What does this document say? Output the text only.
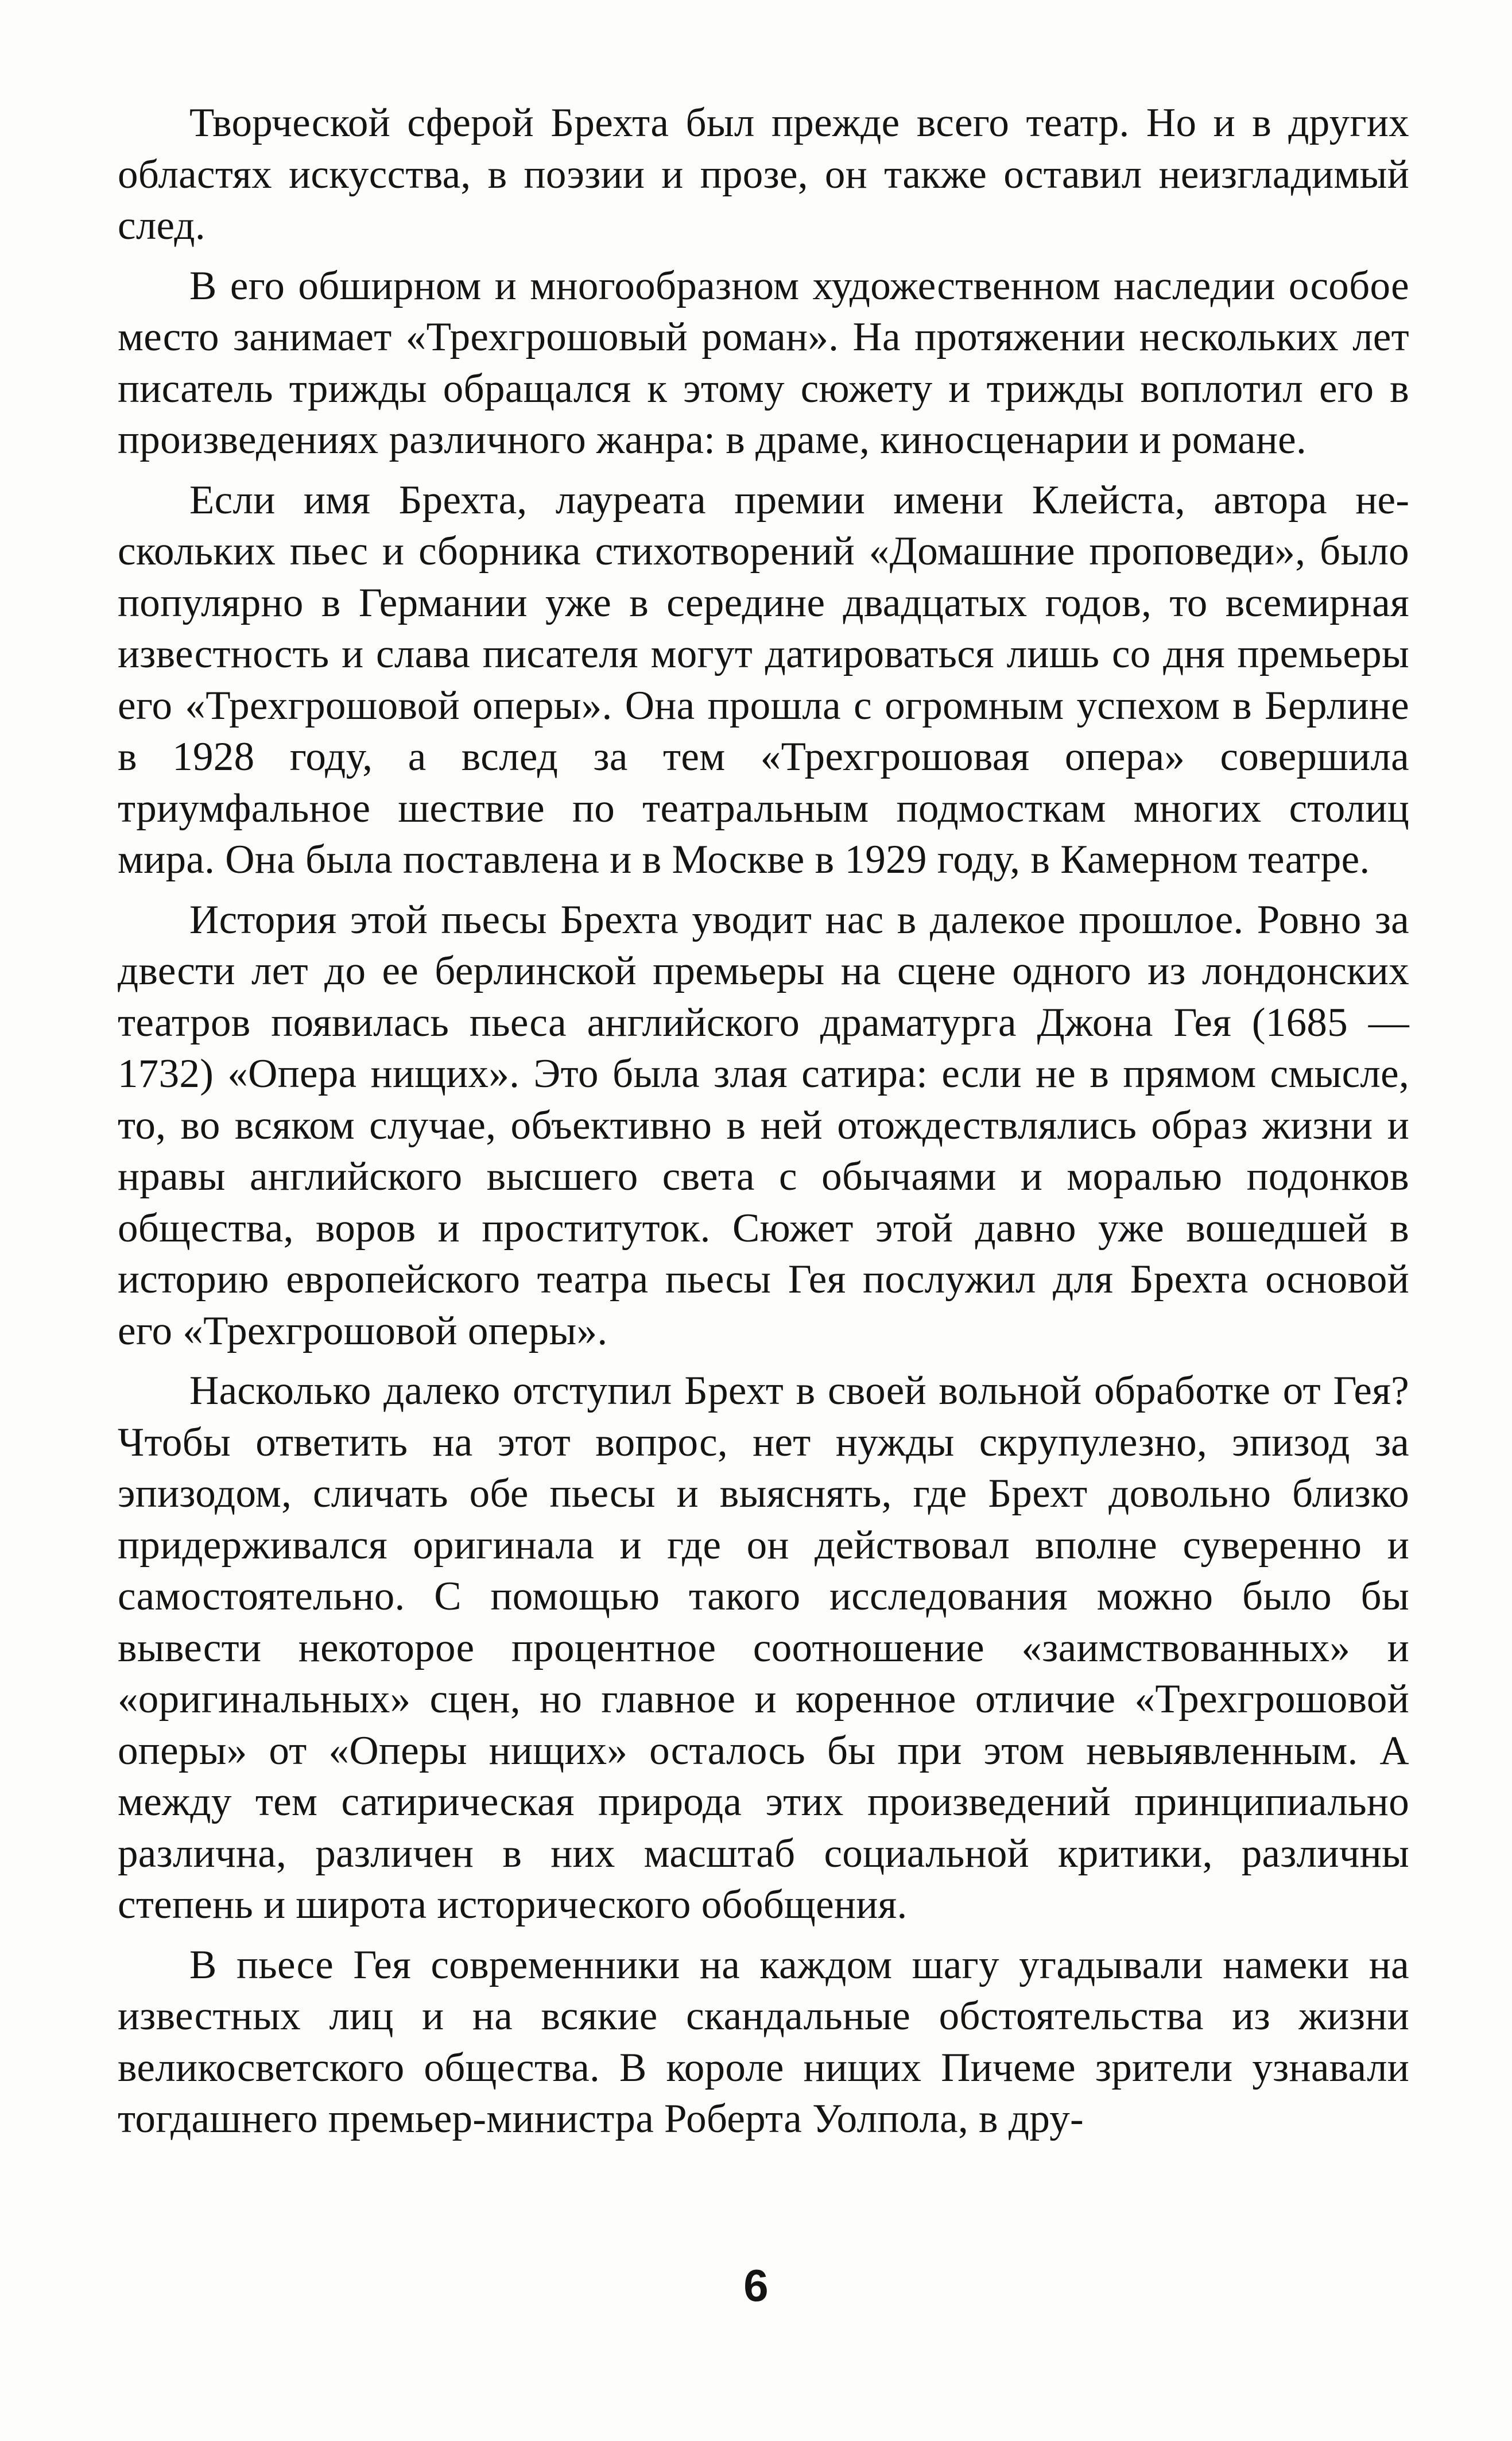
Творческой сферой Брехта был прежде всего театр. Но и в других областях искусства, в поэзии и прозе, он также оставил неизгладимый след.

В его обширном и многообразном художественном наследии особое место занимает «Трехгрошовый роман». На протяжении нескольких лет писатель трижды обращался к этому сюжету и трижды воплотил его в произведениях различного жанра: в драме, киносценарии и романе.

Если имя Брехта, лауреата премии имени Клейста, автора нескольких пьес и сборника стихотворений «Домашние проповеди», было популярно в Германии уже в середине двадцатых годов, то всемирная известность и слава писателя могут датироваться лишь со дня премьеры его «Трехгрошовой оперы». Она прошла с огромным успехом в Берлине в 1928 году, а вслед за тем «Трехгрошовая опера» совершила триумфальное шествие по театральным подмосткам многих столиц мира. Она была поставлена и в Москве в 1929 году, в Камерном театре.

История этой пьесы Брехта уводит нас в далекое прошлое. Ровно за двести лет до ее берлинской премьеры на сцене одного из лондонских театров появилась пьеса английского драматурга Джона Гея (1685 — 1732) «Опера нищих». Это была злая сатира: если не в прямом смысле, то, во всяком случае, объективно в ней отождествлялись образ жизни и нравы английского высшего света с обычаями и моралью подонков общества, воров и проституток. Сюжет этой давно уже вошедшей в историю европейского театра пьесы Гея послужил для Брехта основой его «Трехгрошовой оперы».

Насколько далеко отступил Брехт в своей вольной обработке от Гея? Чтобы ответить на этот вопрос, нет нужды скрупулезно, эпизод за эпизодом, сличать обе пьесы и выяснять, где Брехт довольно близко придерживался оригинала и где он действовал вполне суверенно и самостоятельно. С помощью такого исследования можно было бы вывести некоторое процентное соотношение «заимствованных» и «оригинальных» сцен, но главное и коренное отличие «Трехгрошовой оперы» от «Оперы нищих» осталось бы при этом невыявленным. А между тем сатирическая природа этих произведений принципиально различна, различен в них масштаб социальной критики, различны степень и широта исторического обобщения.

В пьесе Гея современники на каждом шагу угадывали намеки на известных лиц и на всякие скандальные обстоятельства из жизни великосветского общества. В короле нищих Пичеме зрители узнавали тогдашнего премьер-министра Роберта Уолпола, в дру-

6
